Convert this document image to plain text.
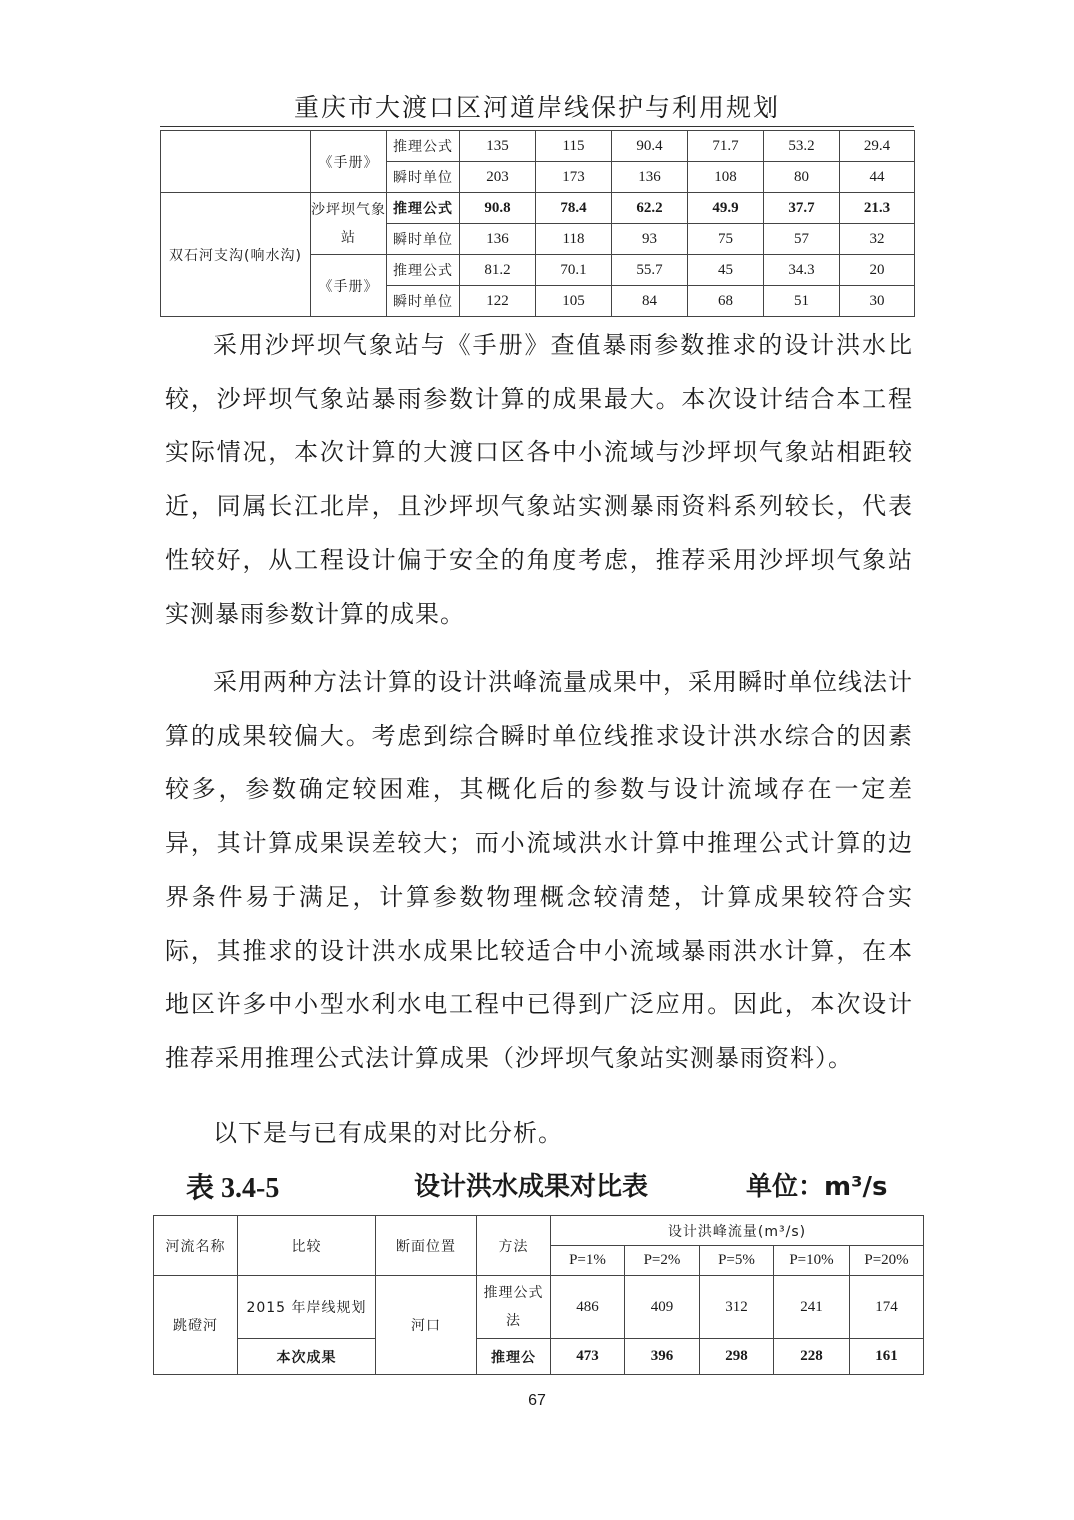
重庆市大渡口区河道岸线保护与利用规划
	《手册》	推理公式	135	115	90.4	71.7	53.2	29.4
		瞬时单位	203	173	136	108	80	44
双石河支沟(响水沟)	沙坪坝气象站	推理公式	90.8	78.4	62.2	49.9	37.7	21.3
		瞬时单位	136	118	93	75	57	32
	《手册》	推理公式	81.2	70.1	55.7	45	34.3	20
		瞬时单位	122	105	84	68	51	30

采用沙坪坝气象站与《手册》查值暴雨参数推求的设计洪水比较，沙坪坝气象站暴雨参数计算的成果最大。本次设计结合本工程实际情况，本次计算的大渡口区各中小流域与沙坪坝气象站相距较近，同属长江北岸，且沙坪坝气象站实测暴雨资料系列较长，代表性较好，从工程设计偏于安全的角度考虑，推荐采用沙坪坝气象站实测暴雨参数计算的成果。

采用两种方法计算的设计洪峰流量成果中，采用瞬时单位线法计算的成果较偏大。考虑到综合瞬时单位线推求设计洪水综合的因素较多，参数确定较困难，其概化后的参数与设计流域存在一定差异，其计算成果误差较大；而小流域洪水计算中推理公式计算的边界条件易于满足，计算参数物理概念较清楚，计算成果较符合实际，其推求的设计洪水成果比较适合中小流域暴雨洪水计算，在本地区许多中小型水利水电工程中已得到广泛应用。因此，本次设计推荐采用推理公式法计算成果（沙坪坝气象站实测暴雨资料）。

以下是与已有成果的对比分析。

表 3.4-5	设计洪水成果对比表	单位：m³/s
河流名称	比较	断面位置	方法	设计洪峰流量(m³/s)				
				P=1%	P=2%	P=5%	P=10%	P=20%
跳磴河	2015 年岸线规划	河口	推理公式法	486	409	312	241	174
	本次成果		推理公	473	396	298	228	161
67
